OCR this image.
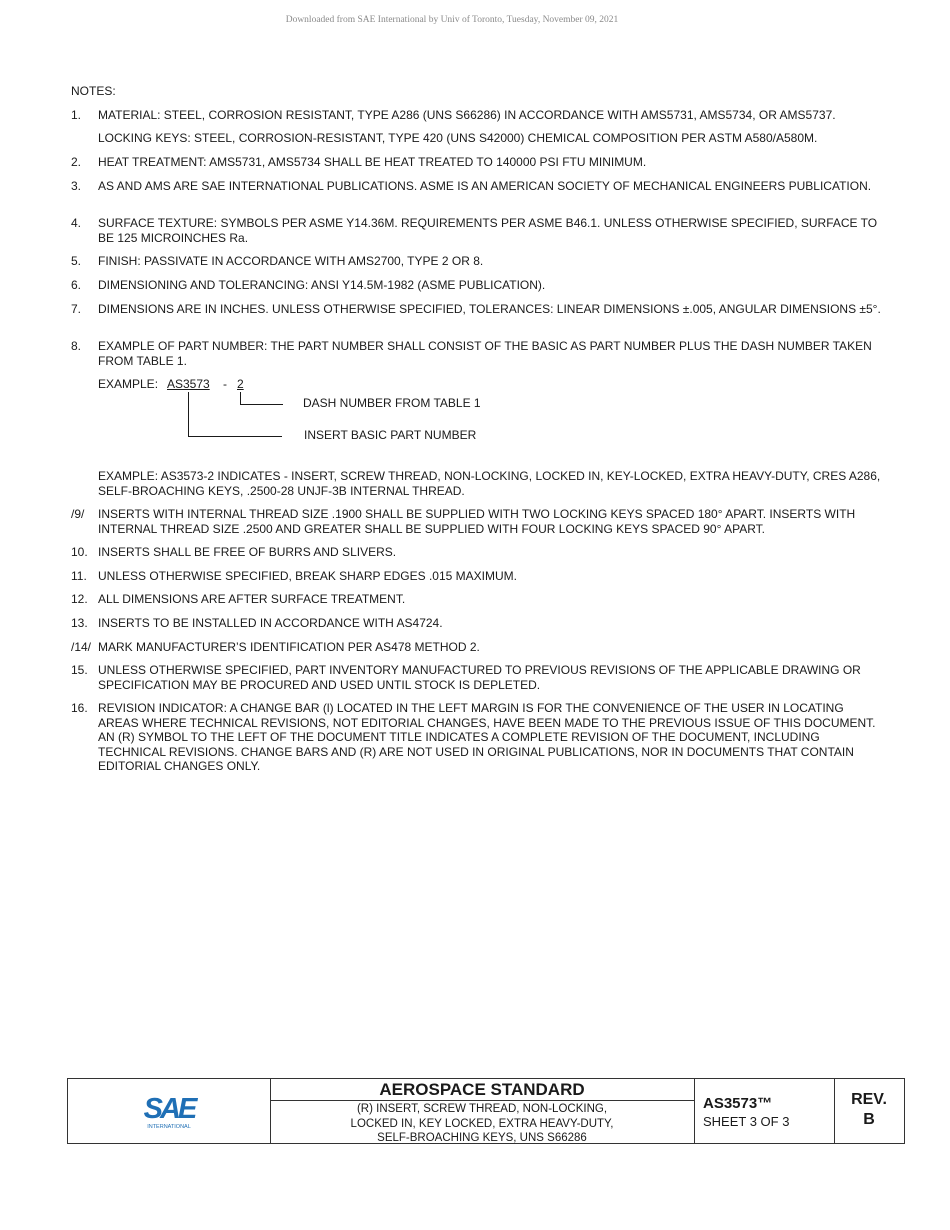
Downloaded from SAE International by Univ of Toronto, Tuesday, November 09, 2021
NOTES:
1. MATERIAL: STEEL, CORROSION RESISTANT, TYPE A286 (UNS S66286) IN ACCORDANCE WITH AMS5731, AMS5734, OR AMS5737.
LOCKING KEYS: STEEL, CORROSION-RESISTANT, TYPE 420 (UNS S42000) CHEMICAL COMPOSITION PER ASTM A580/A580M.
2. HEAT TREATMENT: AMS5731, AMS5734 SHALL BE HEAT TREATED TO 140000 PSI FTU MINIMUM.
3. AS AND AMS ARE SAE INTERNATIONAL PUBLICATIONS. ASME IS AN AMERICAN SOCIETY OF MECHANICAL ENGINEERS PUBLICATION.
4. SURFACE TEXTURE: SYMBOLS PER ASME Y14.36M. REQUIREMENTS PER ASME B46.1. UNLESS OTHERWISE SPECIFIED, SURFACE TO BE 125 MICROINCHES Ra.
5. FINISH: PASSIVATE IN ACCORDANCE WITH AMS2700, TYPE 2 OR 8.
6. DIMENSIONING AND TOLERANCING: ANSI Y14.5M-1982 (ASME PUBLICATION).
7. DIMENSIONS ARE IN INCHES. UNLESS OTHERWISE SPECIFIED, TOLERANCES: LINEAR DIMENSIONS ±.005, ANGULAR DIMENSIONS ±5°.
8. EXAMPLE OF PART NUMBER: THE PART NUMBER SHALL CONSIST OF THE BASIC AS PART NUMBER PLUS THE DASH NUMBER TAKEN FROM TABLE 1.
EXAMPLE: AS3573-2 INDICATES - INSERT, SCREW THREAD, NON-LOCKING, LOCKED IN, KEY-LOCKED, EXTRA HEAVY-DUTY, CRES A286, SELF-BROACHING KEYS, .2500-28 UNJF-3B INTERNAL THREAD.
/9/ INSERTS WITH INTERNAL THREAD SIZE .1900 SHALL BE SUPPLIED WITH TWO LOCKING KEYS SPACED 180° APART. INSERTS WITH INTERNAL THREAD SIZE .2500 AND GREATER SHALL BE SUPPLIED WITH FOUR LOCKING KEYS SPACED 90° APART.
10. INSERTS SHALL BE FREE OF BURRS AND SLIVERS.
11. UNLESS OTHERWISE SPECIFIED, BREAK SHARP EDGES .015 MAXIMUM.
12. ALL DIMENSIONS ARE AFTER SURFACE TREATMENT.
13. INSERTS TO BE INSTALLED IN ACCORDANCE WITH AS4724.
/14/ MARK MANUFACTURER’S IDENTIFICATION PER AS478 METHOD 2.
15. UNLESS OTHERWISE SPECIFIED, PART INVENTORY MANUFACTURED TO PREVIOUS REVISIONS OF THE APPLICABLE DRAWING OR SPECIFICATION MAY BE PROCURED AND USED UNTIL STOCK IS DEPLETED.
16. REVISION INDICATOR: A CHANGE BAR (l) LOCATED IN THE LEFT MARGIN IS FOR THE CONVENIENCE OF THE USER IN LOCATING AREAS WHERE TECHNICAL REVISIONS, NOT EDITORIAL CHANGES, HAVE BEEN MADE TO THE PREVIOUS ISSUE OF THIS DOCUMENT. AN (R) SYMBOL TO THE LEFT OF THE DOCUMENT TITLE INDICATES A COMPLETE REVISION OF THE DOCUMENT, INCLUDING TECHNICAL REVISIONS. CHANGE BARS AND (R) ARE NOT USED IN ORIGINAL PUBLICATIONS, NOR IN DOCUMENTS THAT CONTAIN EDITORIAL CHANGES ONLY.
EXAMPLE: AS3573 - 2
DASH NUMBER FROM TABLE 1
INSERT BASIC PART NUMBER
SAE
INTERNATIONAL
AEROSPACE STANDARD
(R) INSERT, SCREW THREAD, NON-LOCKING,
LOCKED IN, KEY LOCKED, EXTRA HEAVY-DUTY,
SELF-BROACHING KEYS, UNS S66286
AS3573™
SHEET 3 OF 3
REV.
B
